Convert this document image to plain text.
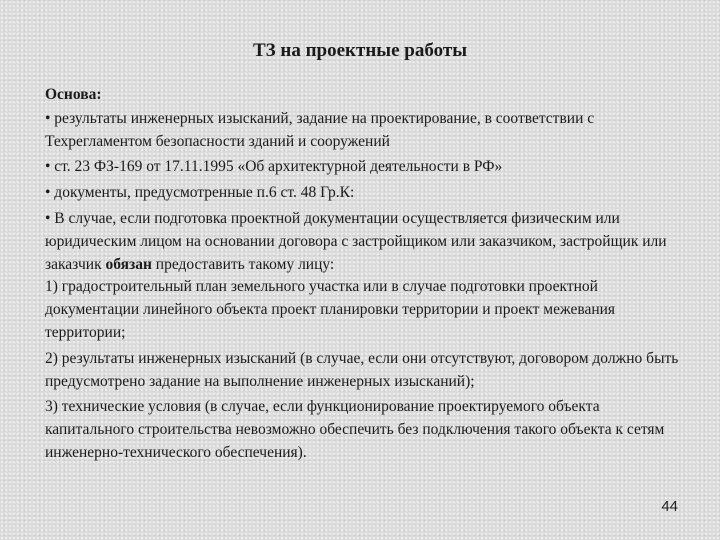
ТЗ на проектные работы

Основа:

• результаты инженерных изысканий, задание на проектирование, в соответствии с Техрегламентом безопасности зданий и сооружений

• ст. 23 ФЗ-169 от 17.11.1995 «Об архитектурной деятельности в РФ»

• документы, предусмотренные п.6 ст. 48 Гр.К:

• В случае, если подготовка проектной документации осуществляется физическим или юридическим лицом на основании договора с застройщиком или заказчиком, застройщик или заказчик обязан предоставить такому лицу:

1) градостроительный план земельного участка или в случае подготовки проектной документации линейного объекта проект планировки территории и проект межевания территории;

2) результаты инженерных изысканий (в случае, если они отсутствуют, договором должно быть предусмотрено задание на выполнение инженерных изысканий);

3) технические условия (в случае, если функционирование проектируемого объекта капитального строительства невозможно обеспечить без подключения такого объекта к сетям инженерно-технического обеспечения).

44
